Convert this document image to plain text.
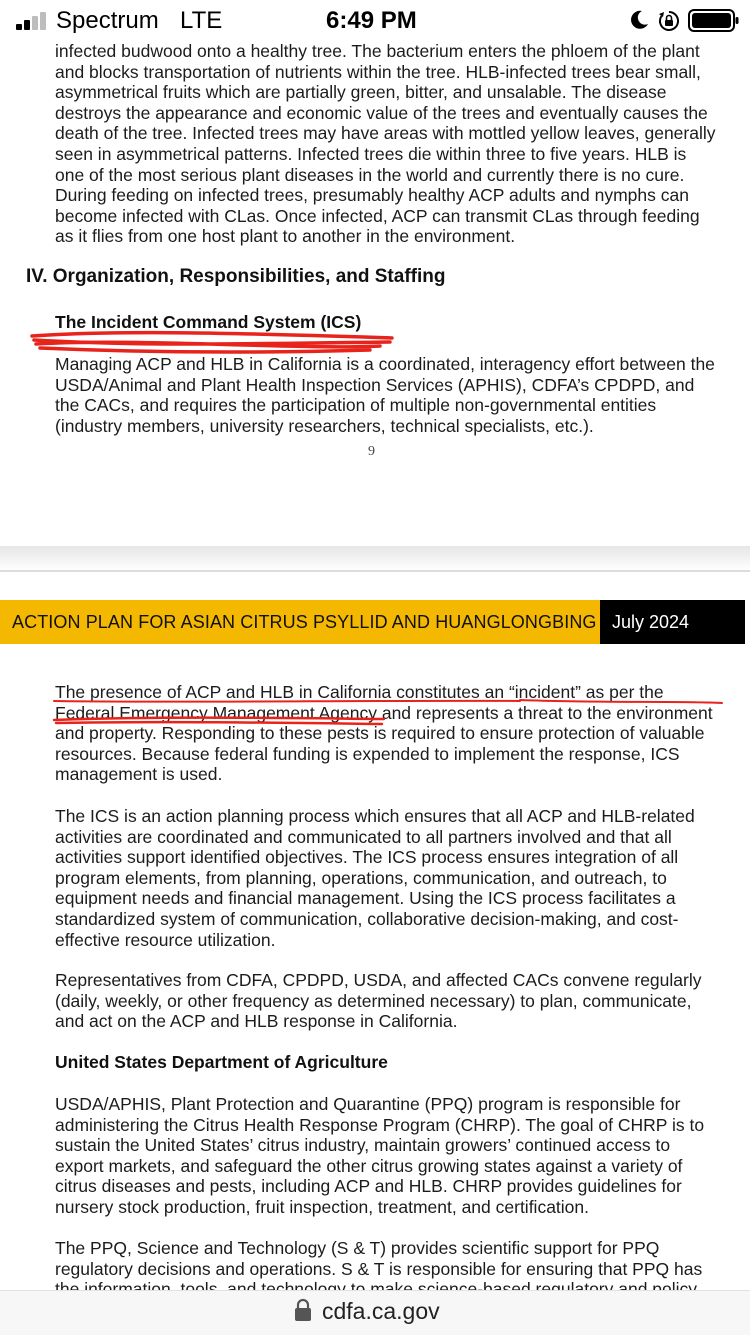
Spectrum LTE	6:49 PM

infected budwood onto a healthy tree. The bacterium enters the phloem of the plant

and blocks transportation of nutrients within the tree. HLB-infected trees bear small,

asymmetrical fruits which are partially green, bitter, and unsalable. The disease

destroys the appearance and economic value of the trees and eventually causes the

death of the tree. Infected trees may have areas with mottled yellow leaves, generally

seen in asymmetrical patterns. Infected trees die within three to five years. HLB is

one of the most serious plant diseases in the world and currently there is no cure.

During feeding on infected trees, presumably healthy ACP adults and nymphs can

become infected with CLas. Once infected, ACP can transmit CLas through feeding

as it flies from one host plant to another in the environment.

IV. Organization, Responsibilities, and Staffing
The Incident Command System (ICS)

Managing ACP and HLB in California is a coordinated, interagency effort between the

USDA/Animal and Plant Health Inspection Services (APHIS), CDFA’s CPDPD, and

the CACs, and requires the participation of multiple non-governmental entities

(industry members, university researchers, technical specialists, etc.).

9
ACTION PLAN FOR ASIAN CITRUS PSYLLID AND HUANGLONGBING July 2024

The presence of ACP and HLB in California constitutes an “incident” as per the

Federal Emergency Management Agency and represents a threat to the environment

and property. Responding to these pests is required to ensure protection of valuable

resources. Because federal funding is expended to implement the response, ICS

management is used.

The ICS is an action planning process which ensures that all ACP and HLB-related

activities are coordinated and communicated to all partners involved and that all

activities support identified objectives. The ICS process ensures integration of all

program elements, from planning, operations, communication, and outreach, to

equipment needs and financial management. Using the ICS process facilitates a

standardized system of communication, collaborative decision-making, and cost-

effective resource utilization.

Representatives from CDFA, CPDPD, USDA, and affected CACs convene regularly

(daily, weekly, or other frequency as determined necessary) to plan, communicate,

and act on the ACP and HLB response in California.

United States Department of Agriculture

USDA/APHIS, Plant Protection and Quarantine (PPQ) program is responsible for

administering the Citrus Health Response Program (CHRP). The goal of CHRP is to

sustain the United States’ citrus industry, maintain growers’ continued access to

export markets, and safeguard the other citrus growing states against a variety of

citrus diseases and pests, including ACP and HLB. CHRP provides guidelines for

nursery stock production, fruit inspection, treatment, and certification.

The PPQ, Science and Technology (S & T) provides scientific support for PPQ

regulatory decisions and operations. S & T is responsible for ensuring that PPQ has

cdfa.ca.gov
